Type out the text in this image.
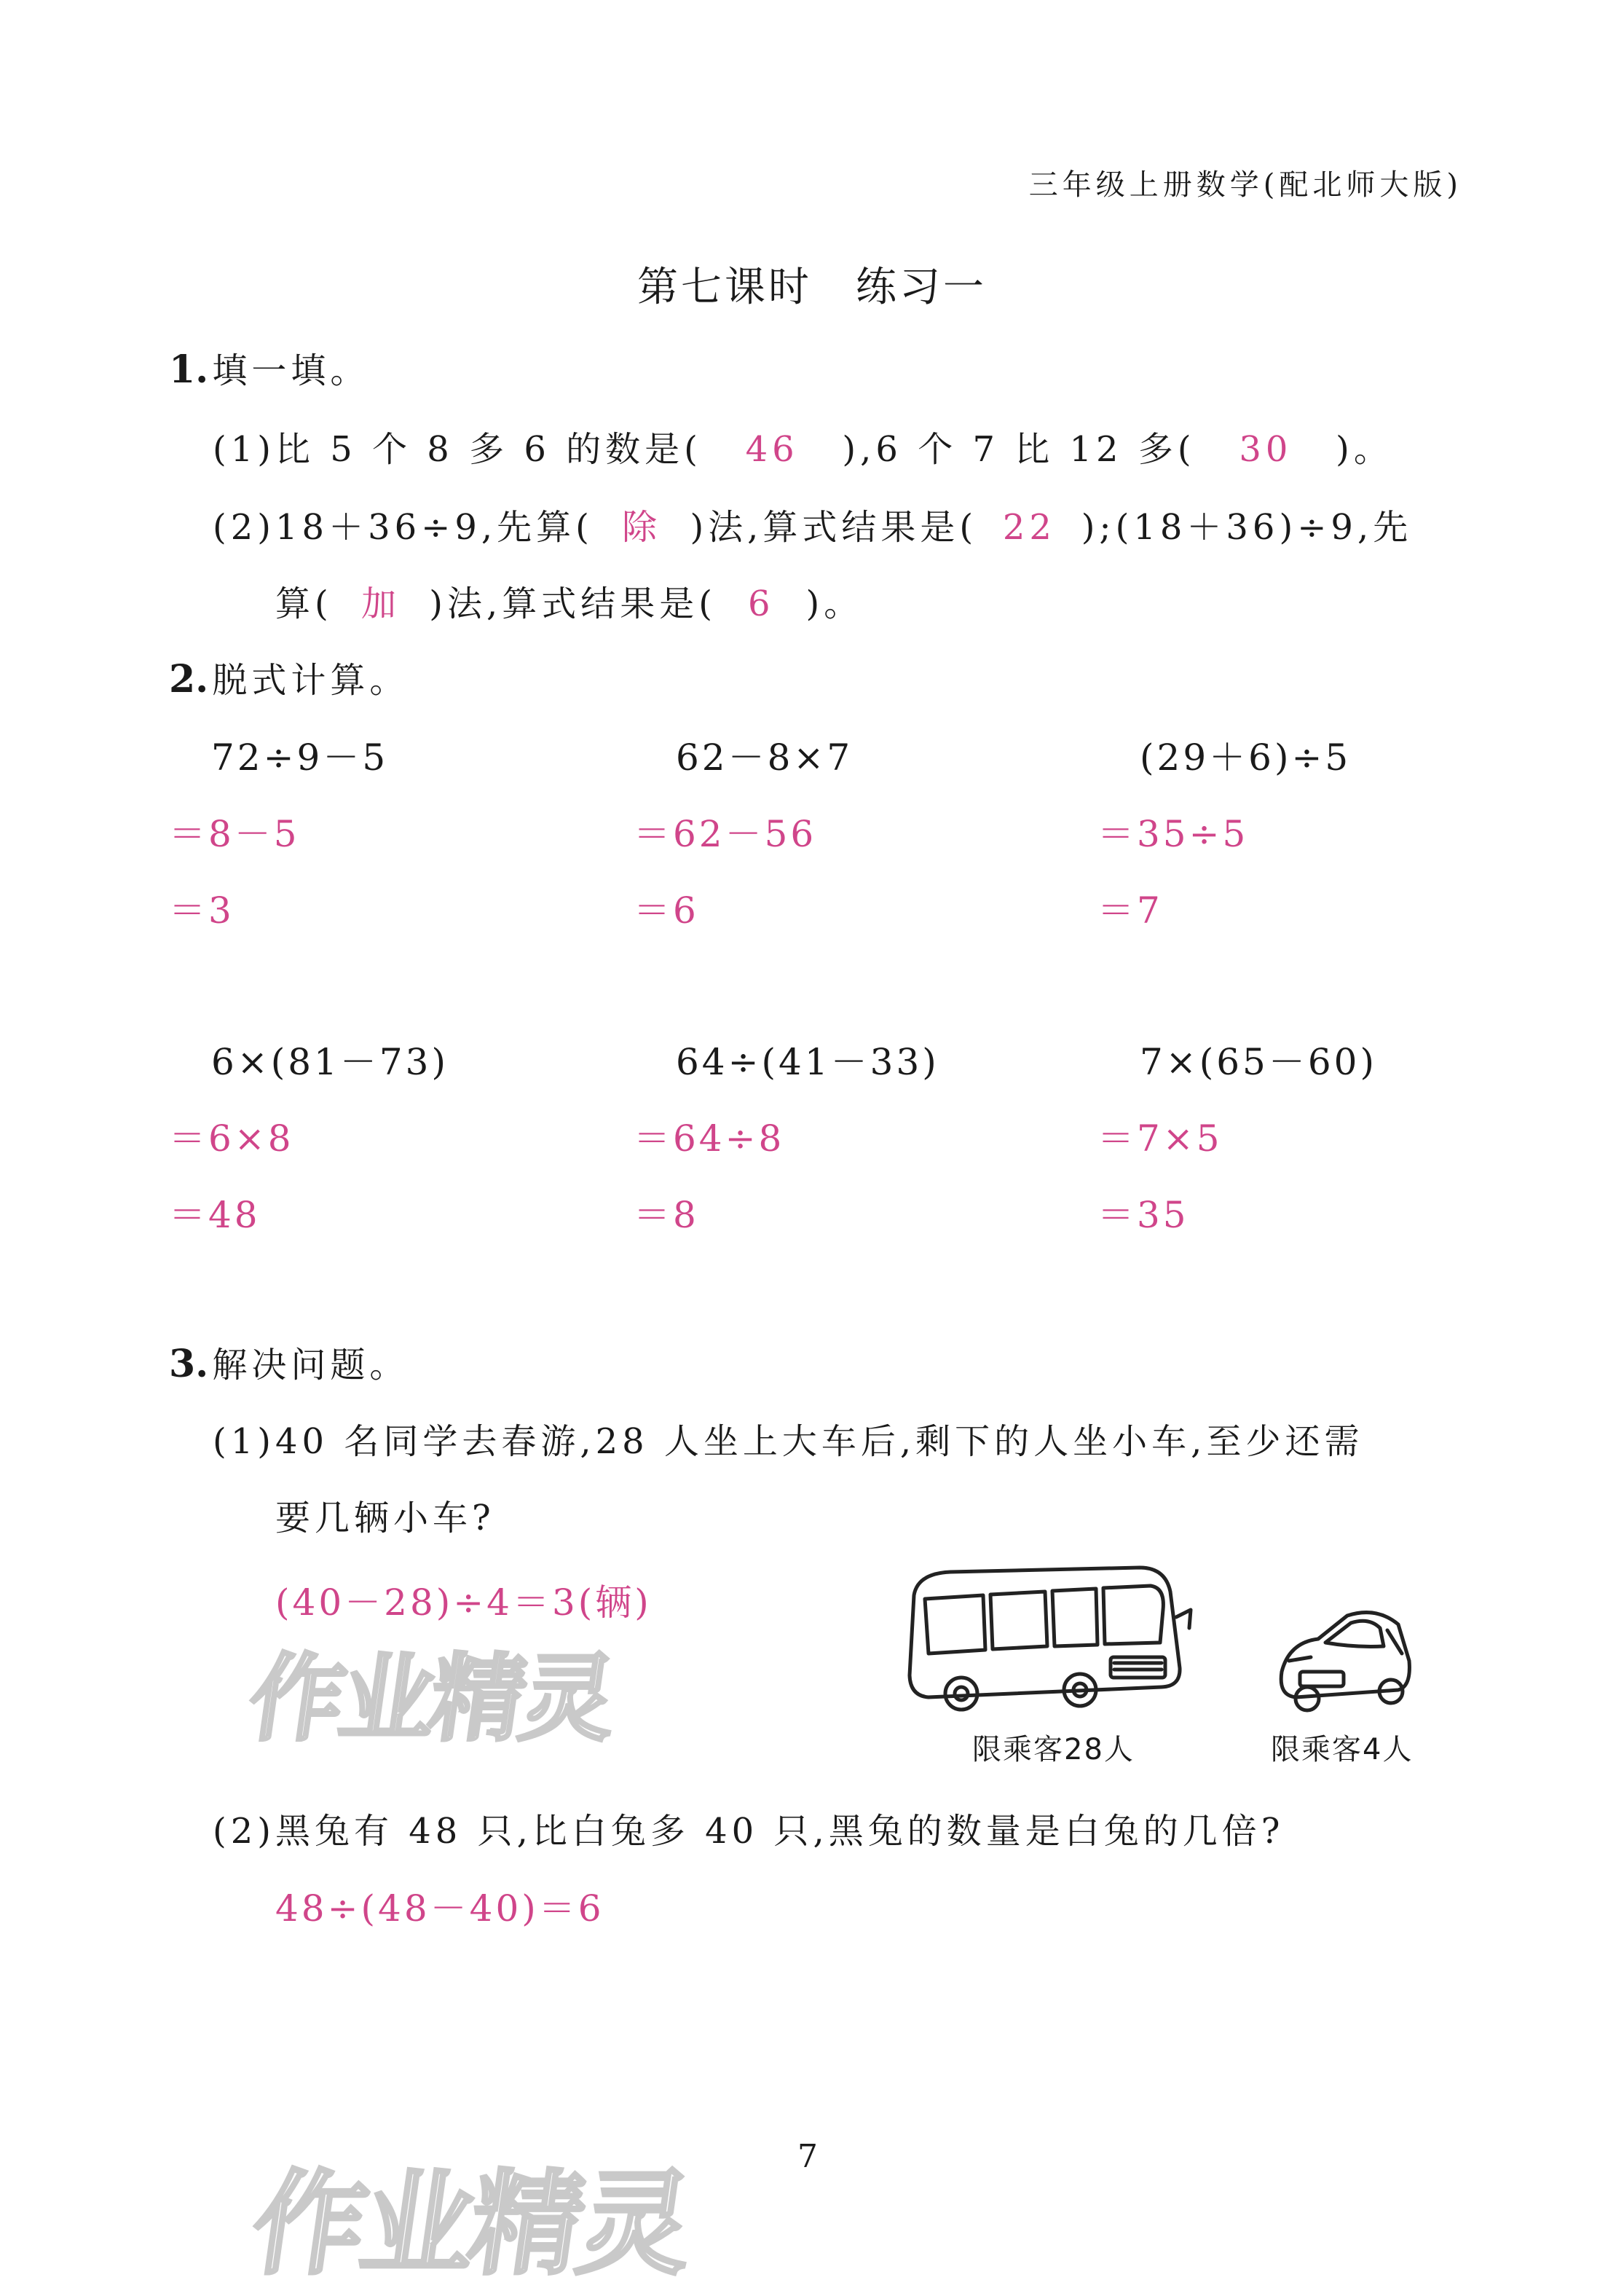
三年级上册数学(配北师大版)
第七课时　练习一
1. 填一填。
(1)比 5 个 8 多 6 的数是( 46 ),6 个 7 比 12 多( 30 )。
(2)18＋36÷9,先算( 除 )法,算式结果是( 22 );(18＋36)÷9,先
算( 加 )法,算式结果是( 6 )。
2. 脱式计算。
72÷9－5
＝8－5
＝3
62－8×7
＝62－56
＝6
(29＋6)÷5
＝35÷5
＝7
6×(81－73)
＝6×8
＝48
64÷(41－33)
＝64÷8
＝8
7×(65－60)
＝7×5
＝35
3. 解决问题。
(1)40 名同学去春游,28 人坐上大车后,剩下的人坐小车,至少还需
要几辆小车?
(40－28)÷4＝3(辆)
作业精灵	限乘客28人	限乘客4人
(2)黑兔有 48 只,比白兔多 40 只,黑兔的数量是白兔的几倍?
48÷(48－40)＝6
7
作业精灵
